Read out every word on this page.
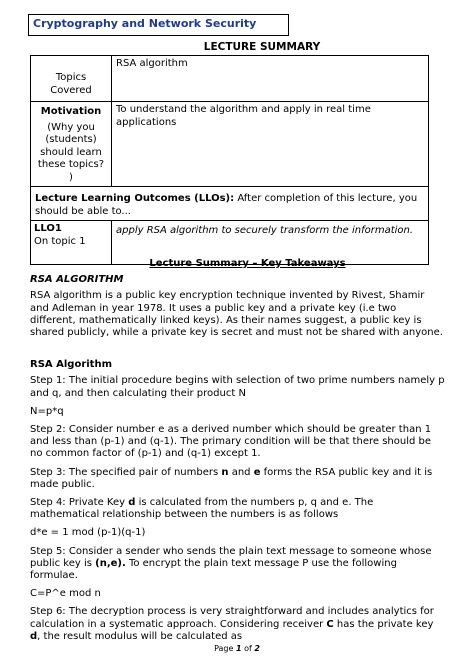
Cryptography and Network Security
LECTURE SUMMARY
Topics Covered	RSA algorithm

Motivation
(Why you (students) should learn these topics? )	To understand the algorithm and apply in real time applications
Lecture Learning Outcomes (LLOs): After completion of this lecture, you should be able to...	

LLO1
On topic 1	apply RSA algorithm to securely transform the information.
Lecture Summary – Key Takeaways
RSA ALGORITHM

RSA algorithm is a public key encryption technique invented by Rivest, Shamir and Adleman in year 1978. It uses a public key and a private key (i.e two different, mathematically linked keys). As their names suggest, a public key is shared publicly, while a private key is secret and must not be shared with anyone.

RSA Algorithm

Step 1: The initial procedure begins with selection of two prime numbers namely p and q, and then calculating their product N

N=p*q

Step 2: Consider number e as a derived number which should be greater than 1 and less than (p-1) and (q-1). The primary condition will be that there should be no common factor of (p-1) and (q-1) except 1.

Step 3: The specified pair of numbers n and e forms the RSA public key and it is made public.

Step 4: Private Key d is calculated from the numbers p, q and e. The mathematical relationship between the numbers is as follows

d*e = 1 mod (p-1)(q-1)

Step 5: Consider a sender who sends the plain text message to someone whose public key is (n,e). To encrypt the plain text message P use the following formulae.

C=P^e mod n

Step 6: The decryption process is very straightforward and includes analytics for calculation in a systematic approach. Considering receiver C has the private key d, the result modulus will be calculated as

Page 1 of 2
